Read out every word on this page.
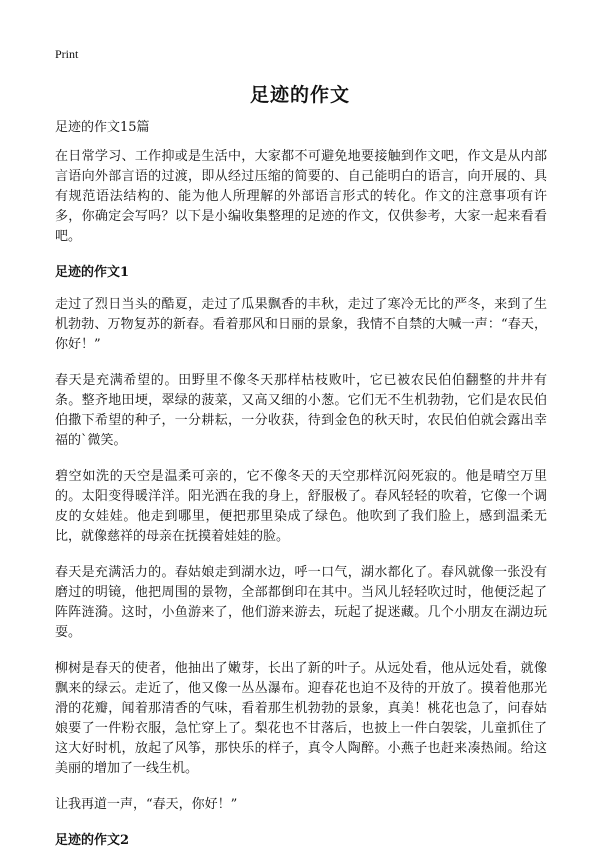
Print
足迹的作文
足迹的作文15篇

在日常学习、工作抑或是生活中，大家都不可避免地要接触到作文吧，作文是从内部言语向外部言语的过渡，即从经过压缩的简要的、自己能明白的语言，向开展的、具有规范语法结构的、能为他人所理解的外部语言形式的转化。作文的注意事项有许多，你确定会写吗？以下是小编收集整理的足迹的作文，仅供参考，大家一起来看看吧。

足迹的作文1

走过了烈日当头的酷夏，走过了瓜果飘香的丰秋，走过了寒冷无比的严冬，来到了生机勃勃、万物复苏的新春。看着那风和日丽的景象，我情不自禁的大喊一声：“春天，你好！”

春天是充满希望的。田野里不像冬天那样枯枝败叶，它已被农民伯伯翻整的井井有条。整齐地田埂，翠绿的菠菜，又高又细的小葱。它们无不生机勃勃，它们是农民伯伯撒下希望的种子，一分耕耘，一分收获，待到金色的秋天时，农民伯伯就会露出幸福的`微笑。

碧空如洗的天空是温柔可亲的，它不像冬天的天空那样沉闷死寂的。他是晴空万里的。太阳变得暖洋洋。阳光洒在我的身上，舒服极了。春风轻轻的吹着，它像一个调皮的女娃娃。他走到哪里，便把那里染成了绿色。他吹到了我们脸上，感到温柔无比，就像慈祥的母亲在抚摸着娃娃的脸。

春天是充满活力的。春姑娘走到湖水边，呼一口气，湖水都化了。春风就像一张没有磨过的明镜，他把周围的景物，全部都倒印在其中。当风儿轻轻吹过时，他便泛起了阵阵涟漪。这时，小鱼游来了，他们游来游去，玩起了捉迷藏。几个小朋友在湖边玩耍。

柳树是春天的使者，他抽出了嫩芽，长出了新的叶子。从远处看，他从远处看，就像飘来的绿云。走近了，他又像一丛丛瀑布。迎春花也迫不及待的开放了。摸着他那光滑的花瓣，闻着那清香的气味，看着那生机勃勃的景象，真美！桃花也急了，问春姑娘要了一件粉衣服，急忙穿上了。梨花也不甘落后，也披上一件白袈裟，儿童抓住了这大好时机，放起了风筝，那快乐的样子，真令人陶醉。小燕子也赶来凑热闹。给这美丽的增加了一线生机。

让我再道一声，“春天，你好！”

足迹的作文2
